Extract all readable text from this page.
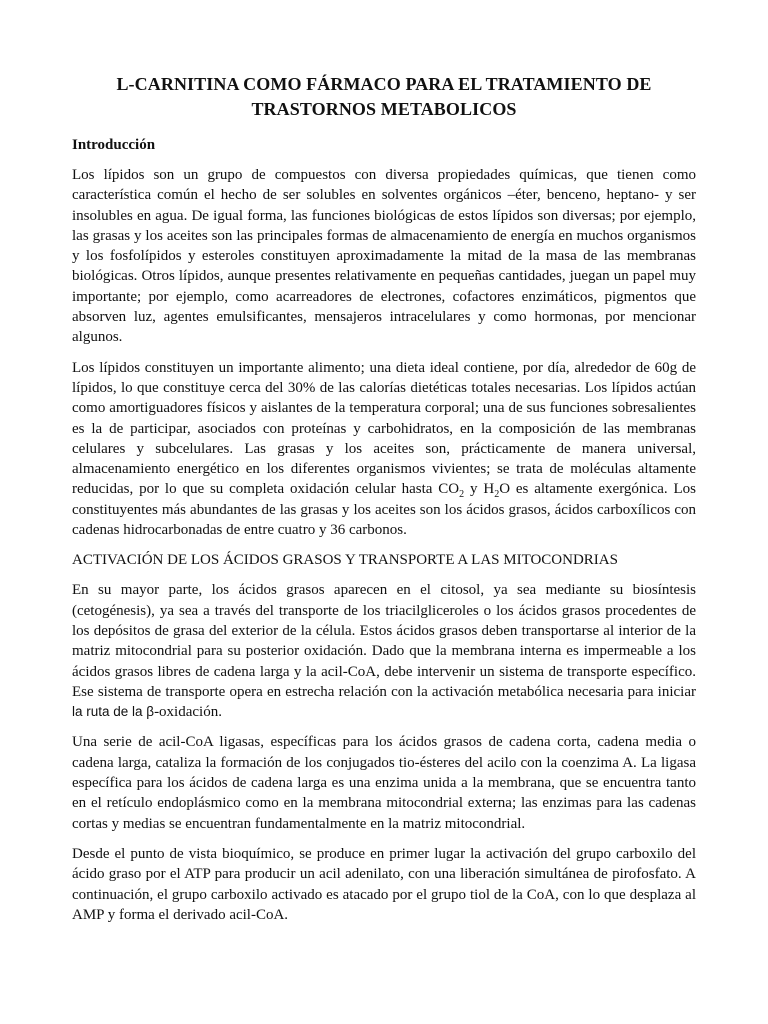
L-CARNITINA COMO FÁRMACO PARA EL TRATAMIENTO DE
TRASTORNOS METABOLICOS
Introducción

Los lípidos son un grupo de compuestos con diversa propiedades químicas, que tienen como característica común el hecho de ser solubles en solventes orgánicos –éter, benceno, heptano- y ser insolubles en agua. De igual forma, las funciones biológicas de estos lípidos son diversas; por ejemplo, las grasas y los aceites son las principales formas de almacenamiento de energía en muchos organismos y los fosfolípidos y esteroles constituyen aproximadamente la mitad de la masa de las membranas biológicas. Otros lípidos, aunque presentes relativamente en pequeñas cantidades, juegan un papel muy importante; por ejemplo, como acarreadores de electrones, cofactores enzimáticos, pigmentos que absorven luz, agentes emulsificantes, mensajeros intracelulares y como hormonas, por mencionar algunos.

Los lípidos constituyen un importante alimento; una dieta ideal contiene, por día, alrededor de 60g de lípidos, lo que constituye cerca del 30% de las calorías dietéticas totales necesarias. Los lípidos actúan como amortiguadores físicos y aislantes de la temperatura corporal; una de sus funciones sobresalientes es la de participar, asociados con proteínas y carbohidratos, en la composición de las membranas celulares y subcelulares. Las grasas y los aceites son, prácticamente de manera universal, almacenamiento energético en los diferentes organismos vivientes; se trata de moléculas altamente reducidas, por lo que su completa oxidación celular hasta $CO_2$ y $H_2O$ es altamente exergónica. Los constituyentes más abundantes de las grasas y los aceites son los ácidos grasos, ácidos carboxílicos con cadenas hidrocarbonadas de entre cuatro y 36 carbonos.

ACTIVACIÓN DE LOS ÁCIDOS GRASOS Y TRANSPORTE A LAS MITOCONDRIAS

En su mayor parte, los ácidos grasos aparecen en el citosol, ya sea mediante su biosíntesis (cetogénesis), ya sea a través del transporte de los triacilgliceroles o los ácidos grasos procedentes de los depósitos de grasa del exterior de la célula. Estos ácidos grasos deben transportarse al interior de la matriz mitocondrial para su posterior oxidación. Dado que la membrana interna es impermeable a los ácidos grasos libres de cadena larga y la acil-CoA, debe intervenir un sistema de transporte específico. Ese sistema de transporte opera en estrecha relación con la activación metabólica necesaria para iniciar la ruta de la β-oxidación.

Una serie de acil-CoA ligasas, específicas para los ácidos grasos de cadena corta, cadena media o cadena larga, cataliza la formación de los conjugados tio-ésteres del acilo con la coenzima A. La ligasa específica para los ácidos de cadena larga es una enzima unida a la membrana, que se encuentra tanto en el retículo endoplásmico como en la membrana mitocondrial externa; las enzimas para las cadenas cortas y medias se encuentran fundamentalmente en la matriz mitocondrial.

Desde el punto de vista bioquímico, se produce en primer lugar la activación del grupo carboxilo del ácido graso por el ATP para producir un acil adenilato, con una liberación simultánea de pirofosfato. A continuación, el grupo carboxilo activado es atacado por el grupo tiol de la CoA, con lo que desplaza al AMP y forma el derivado acil-CoA.
